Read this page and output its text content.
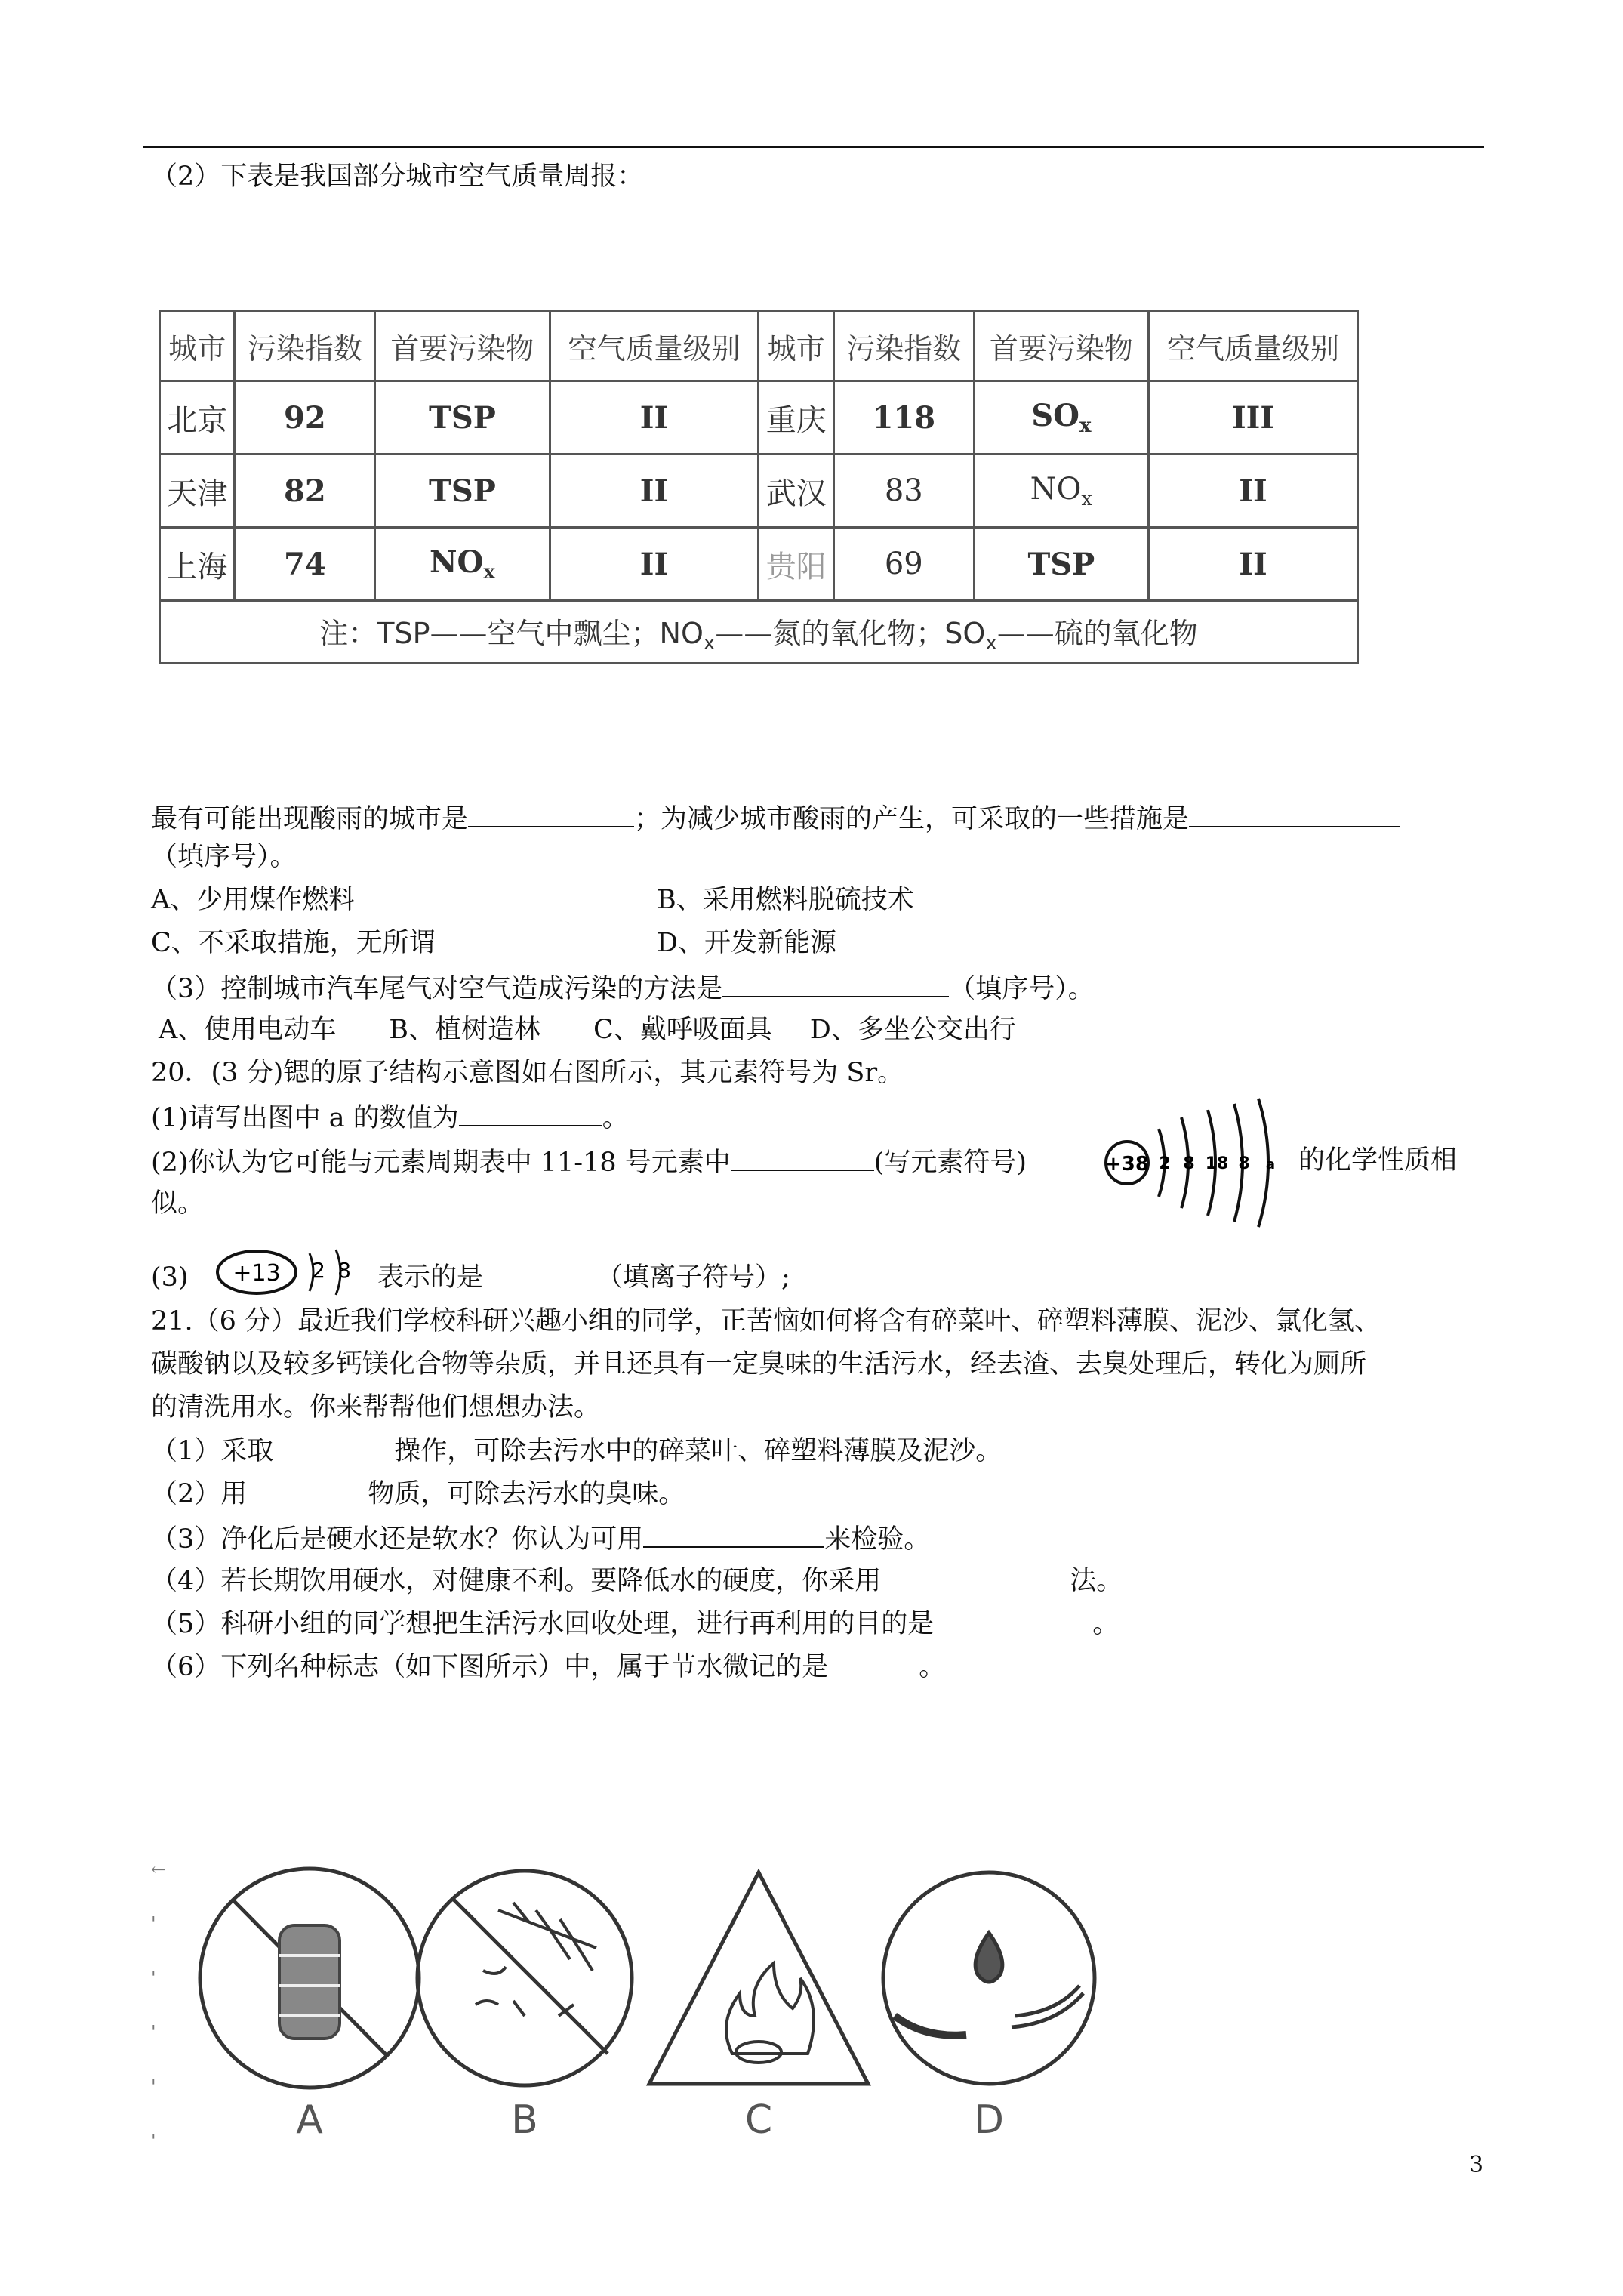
（2）下表是我国部分城市空气质量周报：
城市	污染指数	首要污染物	空气质量级别	城市	污染指数	首要污染物	空气质量级别
北京	92	TSP	II	重庆	118	$SO_x$	III
天津	82	TSP	II	武汉	83	$NO_x$	II
上海	74	$NO_x$	II	贵阳	69	TSP	II
注：TSP——空气中飘尘；$NO_x——$氮的氧化物；$SO_x——$硫的氧化物							
最有可能出现酸雨的城市是	；为减少城市酸雨的产生，可采取的一些措施是
（填序号）。
A、少用煤作燃料	B、采用燃料脱硫技术
C、不采取措施，无所谓	D、开发新能源
（3）控制城市汽车尾气对空气造成污染的方法是	（填序号）。
A、使用电动车 B、植树造林 C、戴呼吸面具 D、多坐公交出行
20．(3 分)锶的原子结构示意图如右图所示，其元素符号为 Sr。
(1)请写出图中 a 的数值为	。
(2)你认为它可能与元素周期表中 11-18 号元素中	(写元素符号)	的化学性质相
似。
+38 2 8 18 8 a
(3) +13 2 8 表示的是	（填离子符号）;
21.（6 分）最近我们学校科研兴趣小组的同学，正苦恼如何将含有碎菜叶、碎塑料薄膜、泥沙、氯化氢、
碳酸钠以及较多钙镁化合物等杂质，并且还具有一定臭味的生活污水，经去渣、去臭处理后，转化为厕所
的清洗用水。你来帮帮他们想想办法。
（1）采取	操作，可除去污水中的碎菜叶、碎塑料薄膜及泥沙。
（2）用	物质，可除去污水的臭味。
（3）净化后是硬水还是软水？你认为可用	来检验。
（4）若长期饮用硬水，对健康不利。要降低水的硬度，你采用	法。
（5）科研小组的同学想把生活污水回收处理，进行再利用的目的是	。
（6）下列名种标志（如下图所示）中，属于节水微记的是	。
←
'
'
'
'
'	A	B	C	D
3
